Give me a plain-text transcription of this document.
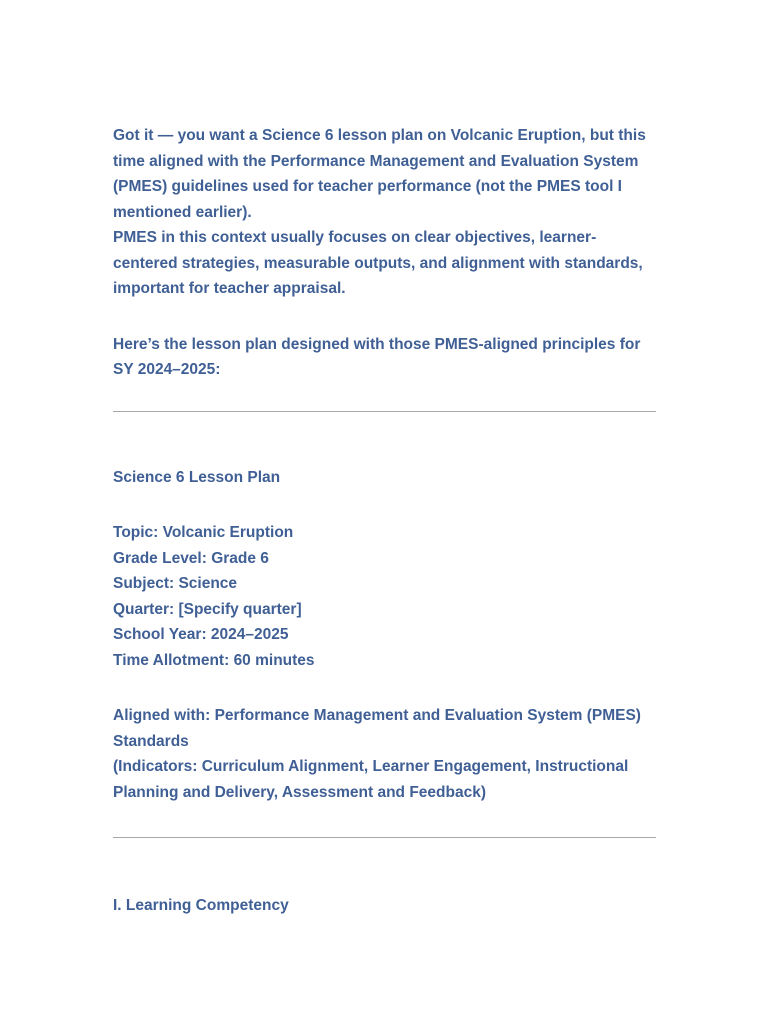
Got it — you want a Science 6 lesson plan on Volcanic Eruption, but this time aligned with the Performance Management and Evaluation System (PMES) guidelines used for teacher performance (not the PMES tool I mentioned earlier).

PMES in this context usually focuses on clear objectives, learner-centered strategies, measurable outputs, and alignment with standards, important for teacher appraisal.

Here’s the lesson plan designed with those PMES-aligned principles for SY 2024–2025:

Science 6 Lesson Plan

Topic: Volcanic Eruption
Grade Level: Grade 6
Subject: Science
Quarter: [Specify quarter]
School Year: 2024–2025
Time Allotment: 60 minutes

Aligned with: Performance Management and Evaluation System (PMES) Standards

(Indicators: Curriculum Alignment, Learner Engagement, Instructional Planning and Delivery, Assessment and Feedback)

I. Learning Competency
